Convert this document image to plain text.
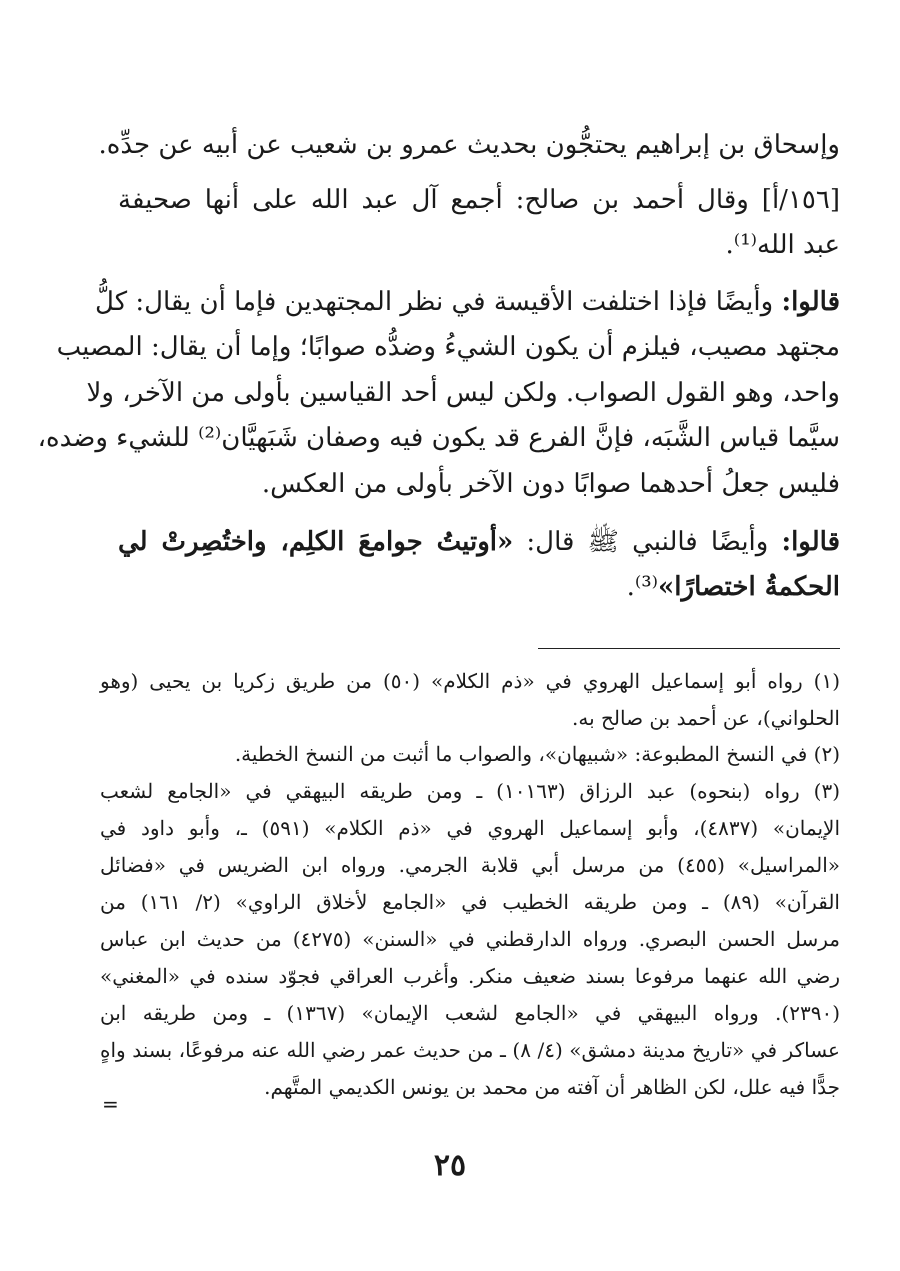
وإسحاق بن إبراهيم يحتجُّون بحديث عمرو بن شعيب عن أبيه عن جدِّه.
[١٥٦/أ] وقال أحمد بن صالح: أجمع آل عبد الله على أنها صحيفة
عبد الله⁽¹⁾.
قالوا: وأيضًا فإذا اختلفت الأقيسة في نظر المجتهدين فإما أن يقال: كلُّ
مجتهد مصيب، فيلزم أن يكون الشيءُ وضدُّه صوابًا؛ وإما أن يقال: المصيب
واحد، وهو القول الصواب. ولكن ليس أحد القياسين بأولى من الآخر، ولا
سيَّما قياس الشَّبَه، فإنَّ الفرع قد يكون فيه وصفان شَبَهيَّان⁽²⁾ للشيء وضده،
فليس جعلُ أحدهما صوابًا دون الآخر بأولى من العكس.
قالوا: وأيضًا فالنبي ﷺ قال: «أوتيتُ جوامعَ الكلِم، واختُصِرتْ لي
الحكمةُ اختصارًا»⁽³⁾.
(١) رواه أبو إسماعيل الهروي في «ذم الكلام» (٥٠) من طريق زكريا بن يحيى (وهو
الحلواني)، عن أحمد بن صالح به.
(٢) في النسخ المطبوعة: «شبيهان»، والصواب ما أثبت من النسخ الخطية.
(٣) رواه (بنحوه) عبد الرزاق (١٠١٦٣) ـ ومن طريقه البيهقي في «الجامع لشعب
الإيمان» (٤٨٣٧)، وأبو إسماعيل الهروي في «ذم الكلام» (٥٩١) ـ، وأبو داود في
«المراسيل» (٤٥٥) من مرسل أبي قلابة الجرمي. ورواه ابن الضريس في «فضائل
القرآن» (٨٩) ـ ومن طريقه الخطيب في «الجامع لأخلاق الراوي» (٢/ ١٦١) من
مرسل الحسن البصري. ورواه الدارقطني في «السنن» (٤٢٧٥) من حديث ابن عباس
رضي الله عنهما مرفوعا بسند ضعيف منكر. وأغرب العراقي فجوّد سنده في «المغني»
(٢٣٩٠). ورواه البيهقي في «الجامع لشعب الإيمان» (١٣٦٧) ـ ومن طريقه ابن
عساكر في «تاريخ مدينة دمشق» (٤/ ٨) ـ من حديث عمر رضي الله عنه مرفوعًا، بسند واهٍ
جدًّا فيه علل، لكن الظاهر أن آفته من محمد بن يونس الكديمي المتَّهم.
=
٢٥
